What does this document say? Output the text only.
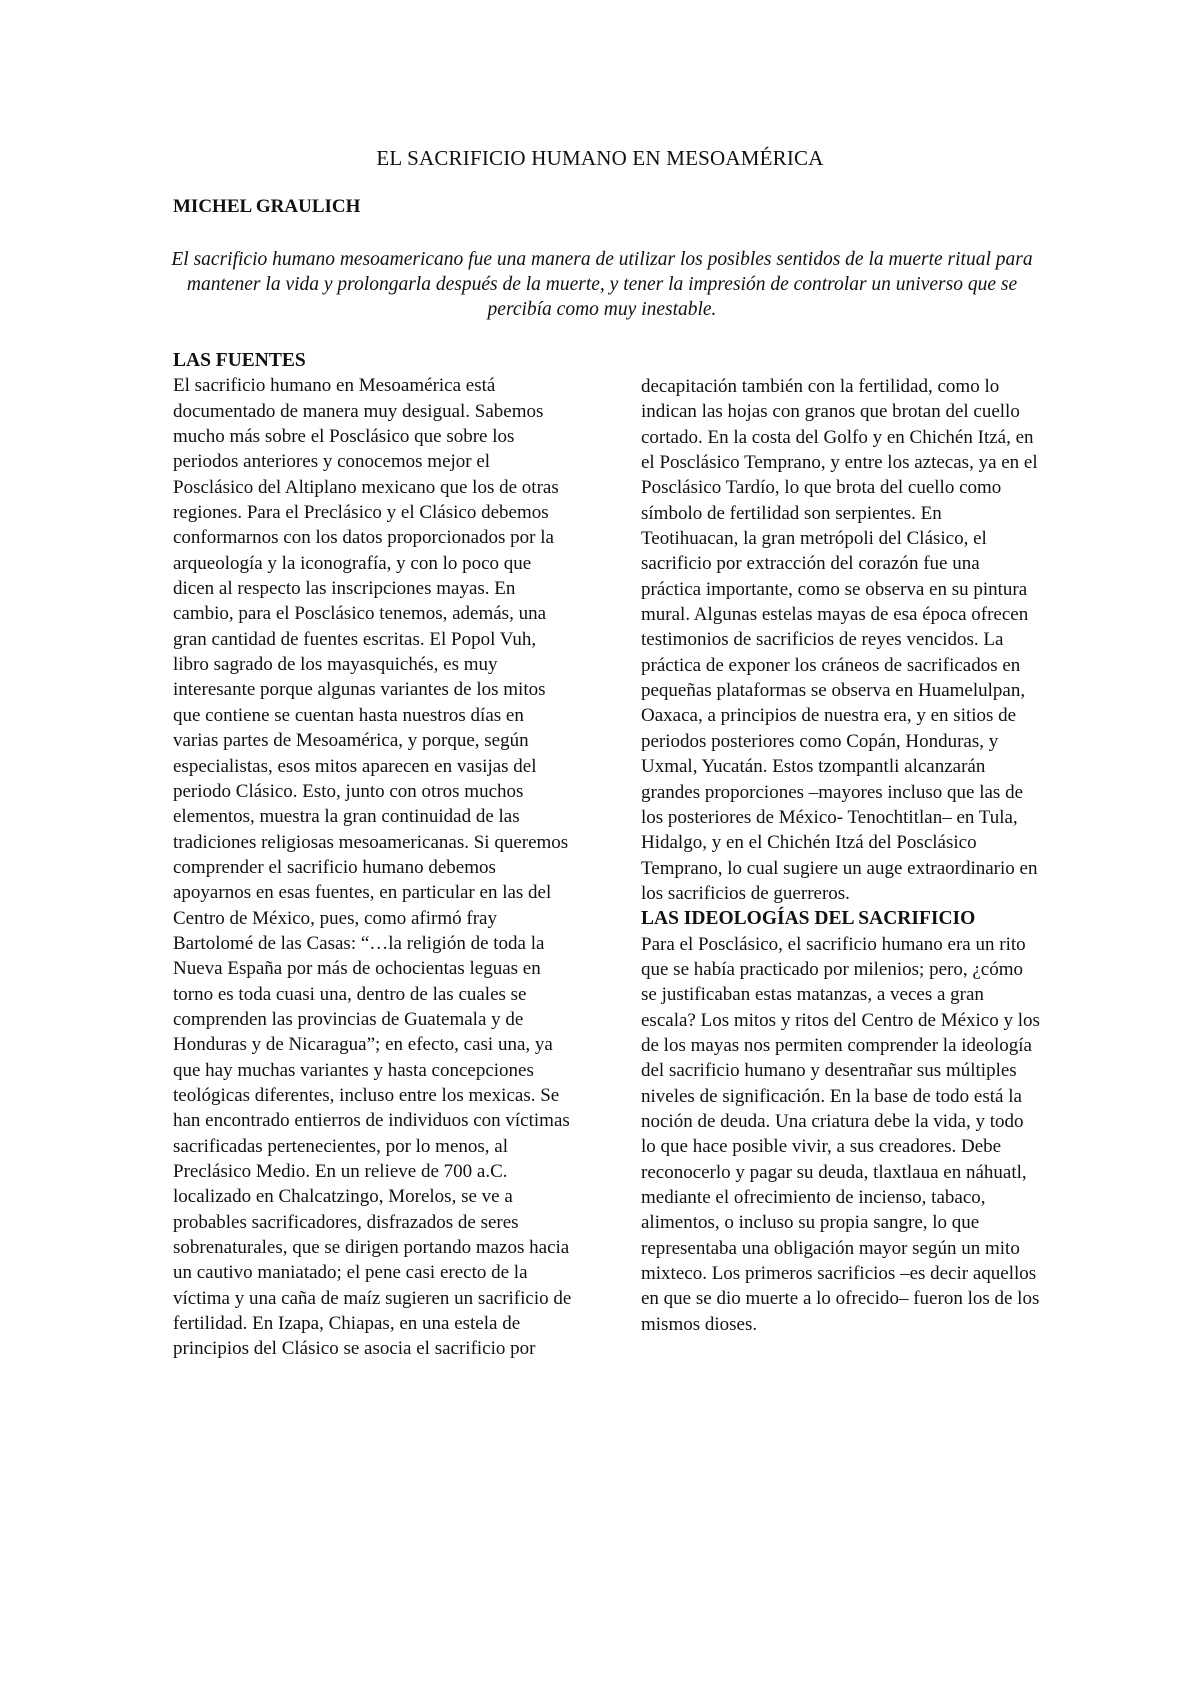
EL SACRIFICIO HUMANO EN MESOAMÉRICA
MICHEL GRAULICH
El sacrificio humano mesoamericano fue una manera de utilizar los posibles sentidos de la muerte ritual para mantener la vida y prolongarla después de la muerte, y tener la impresión de controlar un universo que se percibía como muy inestable.
LAS FUENTES

El sacrificio humano en Mesoamérica está documentado de manera muy desigual. Sabemos mucho más sobre el Posclásico que sobre los periodos anteriores y conocemos mejor el Posclásico del Altiplano mexicano que los de otras regiones. Para el Preclásico y el Clásico debemos conformarnos con los datos proporcionados por la arqueología y la iconografía, y con lo poco que dicen al respecto las inscripciones mayas. En cambio, para el Posclásico tenemos, además, una gran cantidad de fuentes escritas. El Popol Vuh, libro sagrado de los mayasquichés, es muy interesante porque algunas variantes de los mitos que contiene se cuentan hasta nuestros días en varias partes de Mesoamérica, y porque, según especialistas, esos mitos aparecen en vasijas del periodo Clásico. Esto, junto con otros muchos elementos, muestra la gran continuidad de las tradiciones religiosas mesoamericanas. Si queremos comprender el sacrificio humano debemos apoyarnos en esas fuentes, en particular en las del Centro de México, pues, como afirmó fray Bartolomé de las Casas: “…la religión de toda la Nueva España por más de ochocientas leguas en torno es toda cuasi una, dentro de las cuales se comprenden las provincias de Guatemala y de Honduras y de Nicaragua”; en efecto, casi una, ya que hay muchas variantes y hasta concepciones teológicas diferentes, incluso entre los mexicas. Se han encontrado entierros de individuos con víctimas sacrificadas pertenecientes, por lo menos, al Preclásico Medio. En un relieve de 700 a.C. localizado en Chalcatzingo, Morelos, se ve a probables sacrificadores, disfrazados de seres sobrenaturales, que se dirigen portando mazos hacia un cautivo maniatado; el pene casi erecto de la víctima y una caña de maíz sugieren un sacrificio de fertilidad. En Izapa, Chiapas, en una estela de principios del Clásico se asocia el sacrificio por

decapitación también con la fertilidad, como lo indican las hojas con granos que brotan del cuello cortado. En la costa del Golfo y en Chichén Itzá, en el Posclásico Temprano, y entre los aztecas, ya en el Posclásico Tardío, lo que brota del cuello como símbolo de fertilidad son serpientes. En Teotihuacan, la gran metrópoli del Clásico, el sacrificio por extracción del corazón fue una práctica importante, como se observa en su pintura mural. Algunas estelas mayas de esa época ofrecen testimonios de sacrificios de reyes vencidos. La práctica de exponer los cráneos de sacrificados en pequeñas plataformas se observa en Huamelulpan, Oaxaca, a principios de nuestra era, y en sitios de periodos posteriores como Copán, Honduras, y Uxmal, Yucatán. Estos tzompantli alcanzarán grandes proporciones –mayores incluso que las de los posteriores de México- Tenochtitlan– en Tula, Hidalgo, y en el Chichén Itzá del Posclásico Temprano, lo cual sugiere un auge extraordinario en los sacrificios de guerreros.

LAS IDEOLOGÍAS DEL SACRIFICIO

Para el Posclásico, el sacrificio humano era un rito que se había practicado por milenios; pero, ¿cómo se justificaban estas matanzas, a veces a gran escala? Los mitos y ritos del Centro de México y los de los mayas nos permiten comprender la ideología del sacrificio humano y desentrañar sus múltiples niveles de significación. En la base de todo está la noción de deuda. Una criatura debe la vida, y todo lo que hace posible vivir, a sus creadores. Debe reconocerlo y pagar su deuda, tlaxtlaua en náhuatl, mediante el ofrecimiento de incienso, tabaco, alimentos, o incluso su propia sangre, lo que representaba una obligación mayor según un mito mixteco. Los primeros sacrificios –es decir aquellos en que se dio muerte a lo ofrecido– fueron los de los mismos dioses.
